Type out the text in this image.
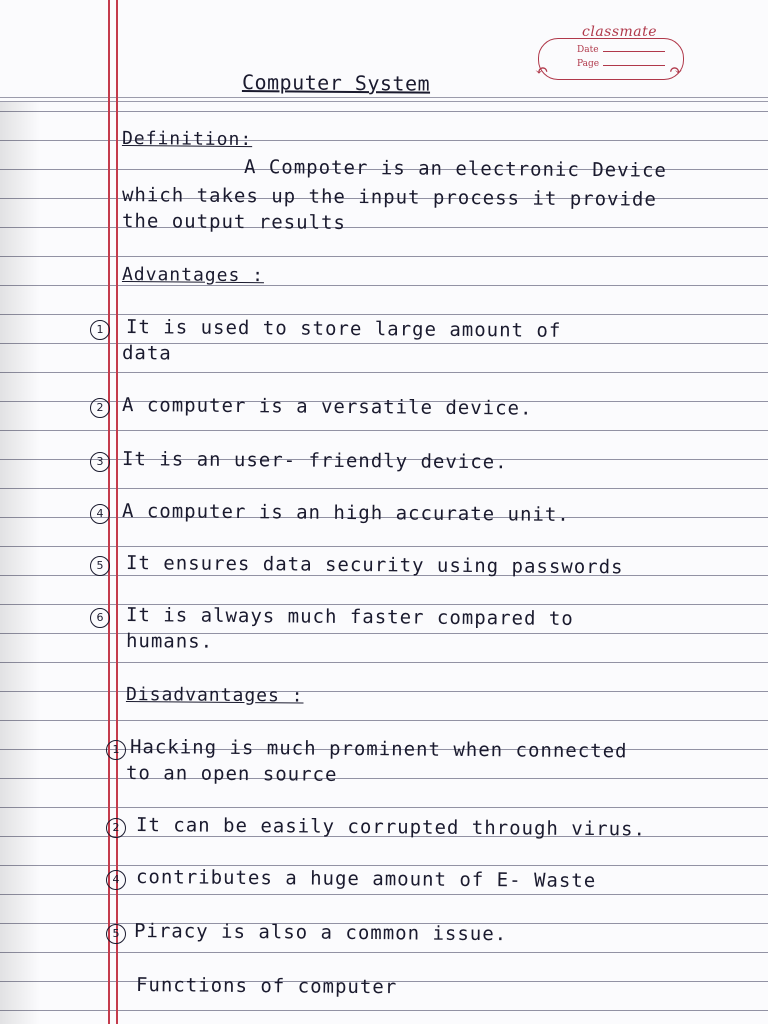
classmate
↶
Date
Page	↷
Computer System
Definition:
A Compoter is an electronic Device
which takes up the input process it provide
the output results
Advantages :
1	It is used to store large amount of
data
2 A computer is a versatile device.
3 It is an user- friendly device.
4 A computer is an high accurate unit.
5	It ensures data security using passwords
6	It is always much faster compared to
humans.
Disadvantages :
1 Hacking is much prominent when connected
to an open source
2 It can be easily corrupted through virus.
4 contributes a huge amount of E- Waste
5 Piracy is also a common issue.
Functions of computer
